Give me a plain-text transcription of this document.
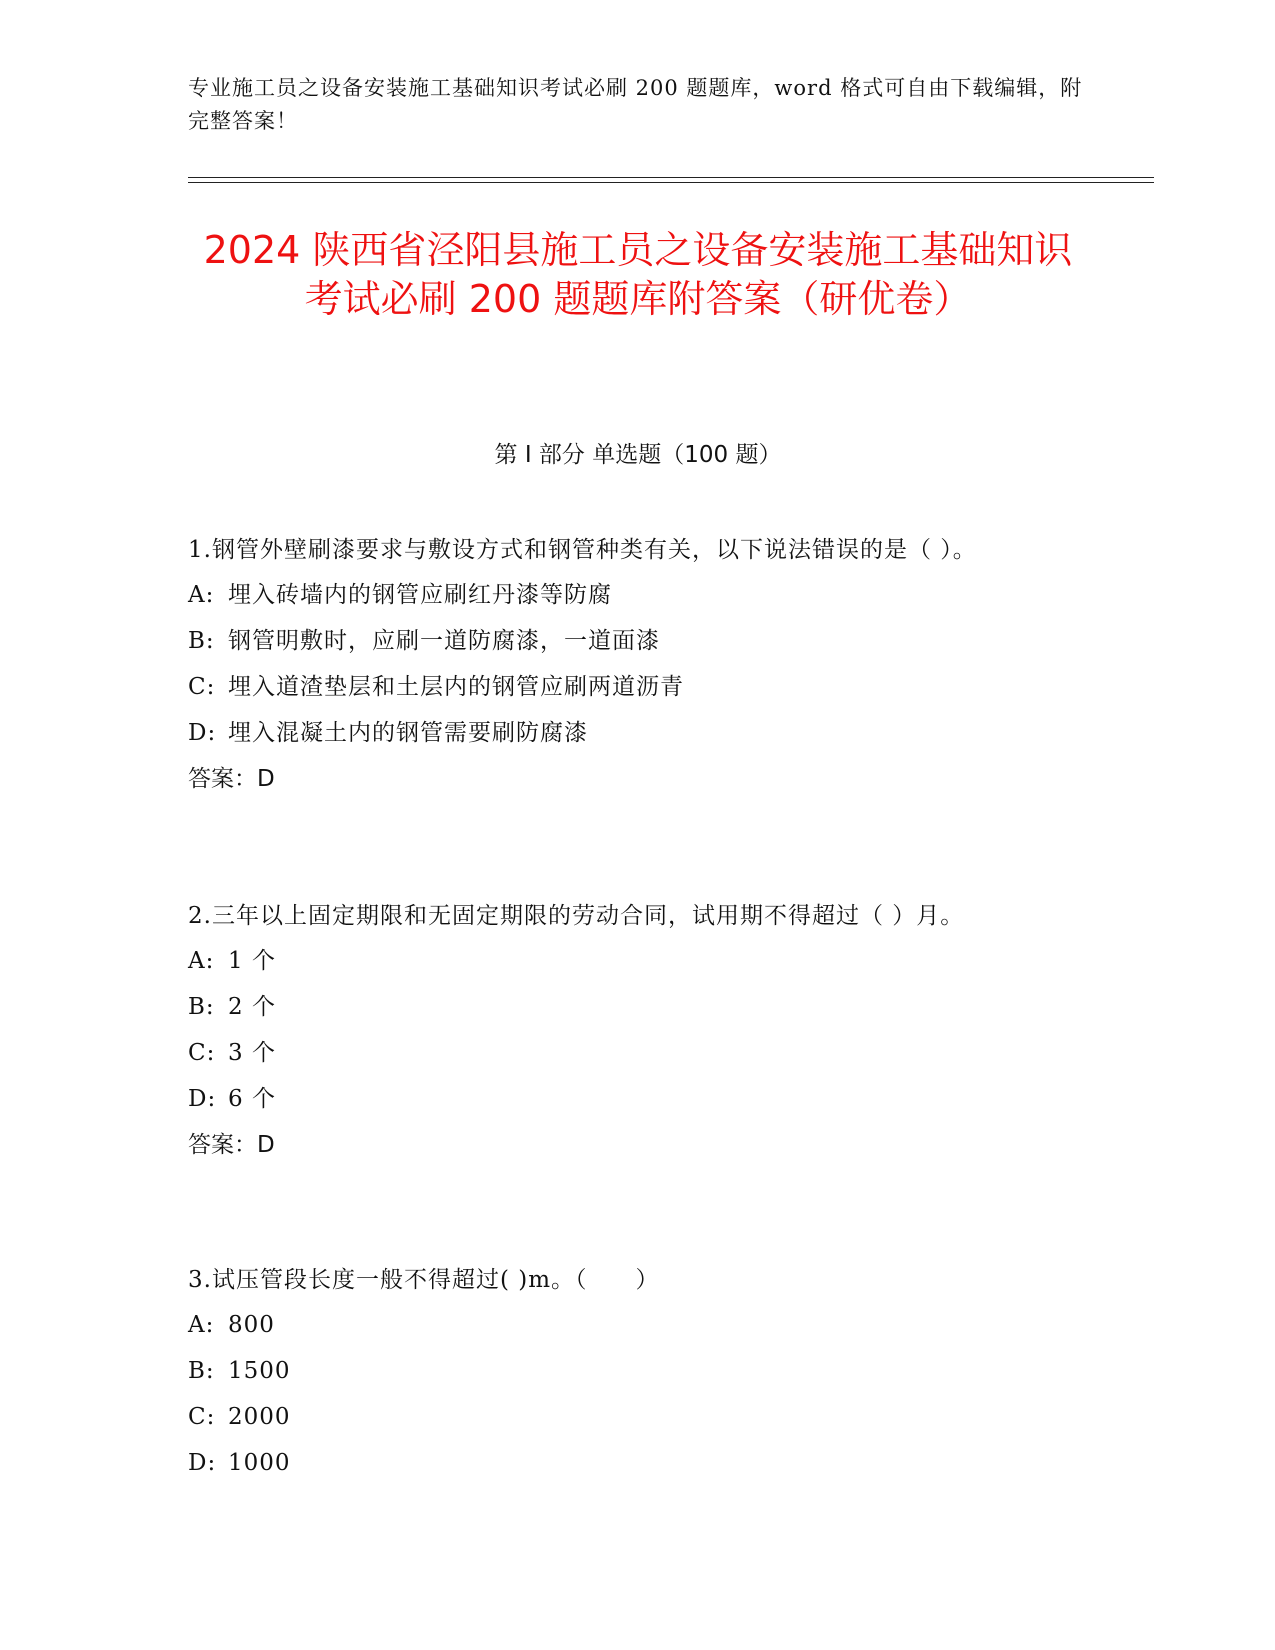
专业施工员之设备安装施工基础知识考试必刷 200 题题库，word 格式可自由下载编辑，附完整答案！
2024 陕西省泾阳县施工员之设备安装施工基础知识考试必刷 200 题题库附答案（研优卷）
第 I 部分 单选题（100 题）
1.钢管外壁刷漆要求与敷设方式和钢管种类有关，以下说法错误的是（ ）。
A: 埋入砖墙内的钢管应刷红丹漆等防腐
B: 钢管明敷时，应刷一道防腐漆，一道面漆
C: 埋入道渣垫层和土层内的钢管应刷两道沥青
D: 埋入混凝土内的钢管需要刷防腐漆
答案：D
2.三年以上固定期限和无固定期限的劳动合同，试用期不得超过（ ）月。
A: 1 个
B: 2 个
C: 3 个
D: 6 个
答案：D
3.试压管段长度一般不得超过( )m。（　　）
A: 800
B: 1500
C: 2000
D: 1000
